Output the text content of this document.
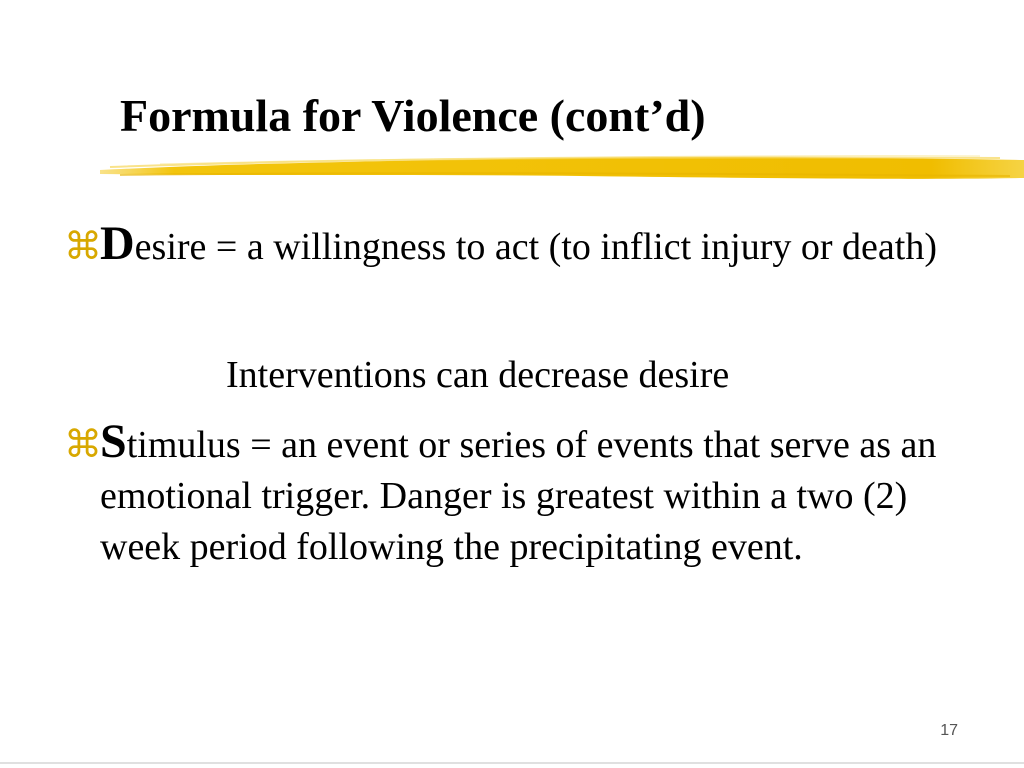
Formula for Violence (cont’d)
⌘
Desire = a willingness to act (to inflict injury or death)
Interventions can decrease desire
⌘
Stimulus = an event or series of events that serve as an emotional trigger. Danger is greatest within a two (2) week period following the precipitating event.
17
